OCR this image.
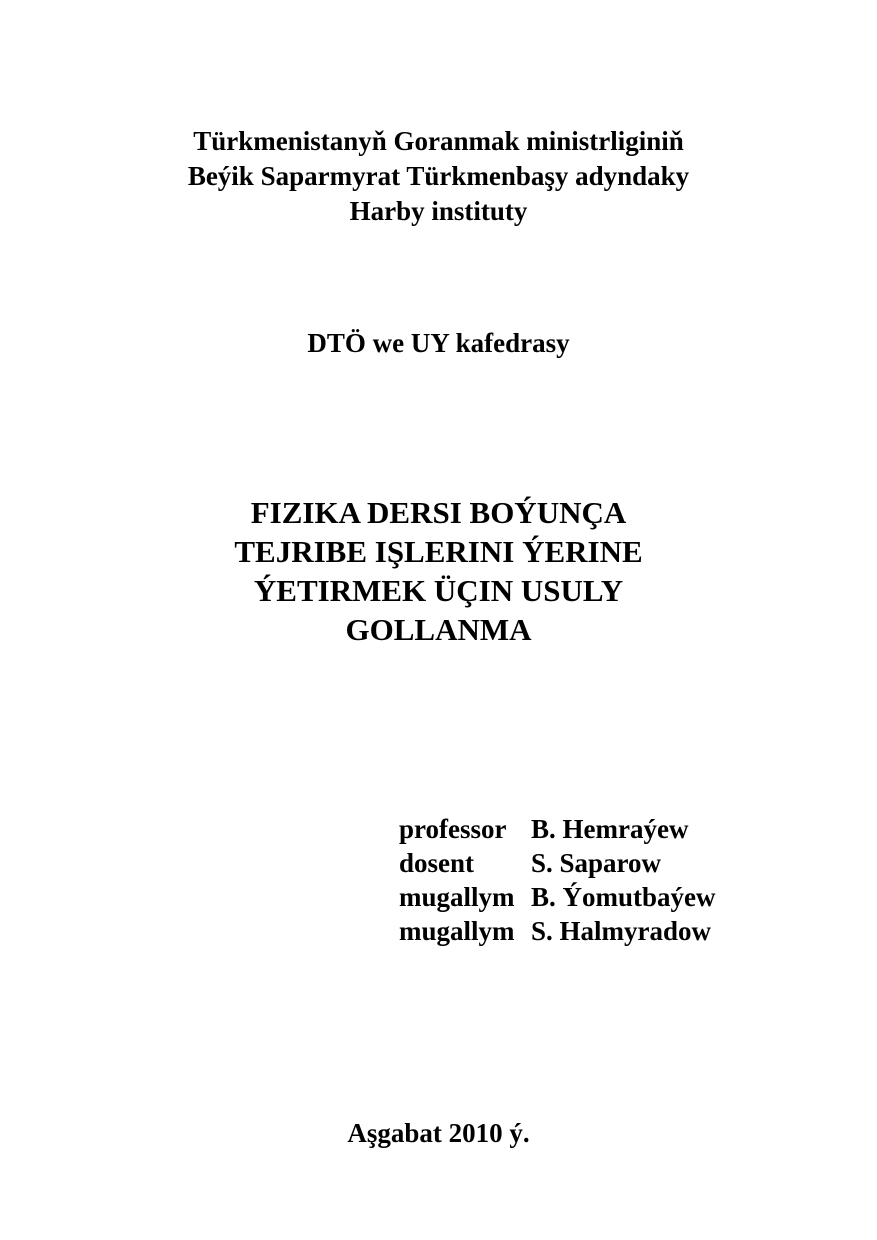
Türkmenistanyň Goranmak ministrliginiň
Beýik Saparmyrat Türkmenbaşy adyndaky
Harby instituty
DTÖ we UY kafedrasy
FIZIKA DERSI BOÝUNÇA
TEJRIBE IŞLERINI ÝERINE
ÝETIRMEK ÜÇIN USULY
GOLLANMA
professor	B. Hemraýew
dosent	S. Saparow
mugallym	B. Ýomutbaýew
mugallym	S. Halmyradow
Aşgabat 2010 ý.
